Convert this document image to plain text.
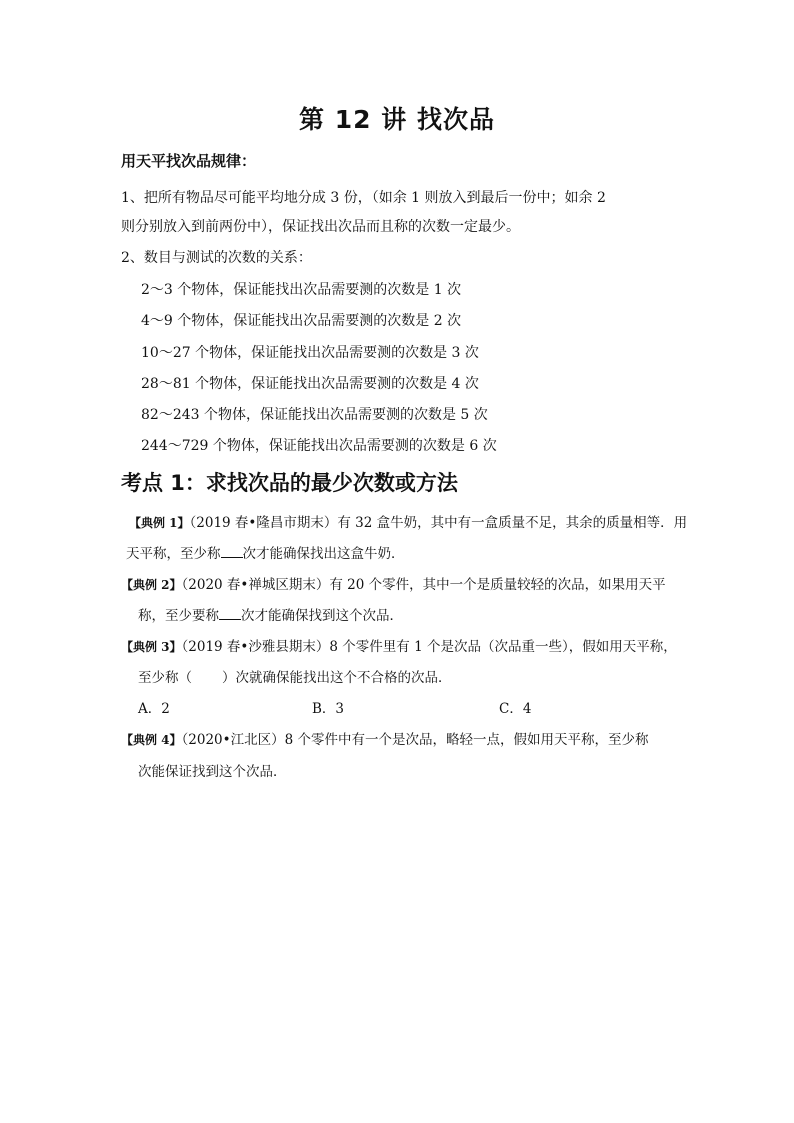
第 12 讲 找次品
用天平找次品规律：
1、把所有物品尽可能平均地分成 3 份，（如余 1 则放入到最后一份中；如余 2
则分别放入到前两份中），保证找出次品而且称的次数一定最少。
2、数目与测试的次数的关系：
2～3 个物体，保证能找出次品需要测的次数是 1 次
4～9 个物体，保证能找出次品需要测的次数是 2 次
10～27 个物体，保证能找出次品需要测的次数是 3 次
28～81 个物体，保证能找出次品需要测的次数是 4 次
82～243 个物体，保证能找出次品需要测的次数是 5 次
244～729 个物体，保证能找出次品需要测的次数是 6 次
考点 1：求找次品的最少次数或方法
【典例 1】（2019 春•隆昌市期末）有 32 盒牛奶，其中有一盒质量不足，其余的质量相等．用
天平称，至少称 次才能确保找出这盒牛奶．
【典例 2】（2020 春•禅城区期末）有 20 个零件，其中一个是质量较轻的次品，如果用天平
称，至少要称 次才能确保找到这个次品．
【典例 3】（2019 春•沙雅县期末）8 个零件里有 1 个是次品（次品重一些），假如用天平称，
至少称（ ）次就确保能找出这个不合格的次品．
A．2	B．3	C．4
【典例 4】（2020•江北区）8 个零件中有一个是次品，略轻一点，假如用天平称，至少称
次能保证找到这个次品．
